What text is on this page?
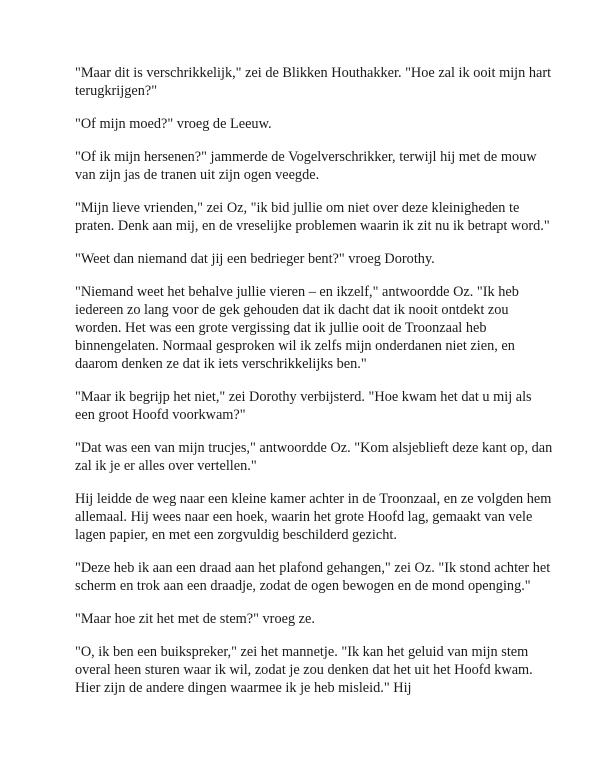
"Maar dit is verschrikkelijk," zei de Blikken Houthakker. "Hoe zal ik ooit mijn hart terugkrijgen?"

"Of mijn moed?" vroeg de Leeuw.

"Of ik mijn hersenen?" jammerde de Vogelverschrikker, terwijl hij met de mouw van zijn jas de tranen uit zijn ogen veegde.

"Mijn lieve vrienden," zei Oz, "ik bid jullie om niet over deze kleinigheden te praten. Denk aan mij, en de vreselijke problemen waarin ik zit nu ik betrapt word."

"Weet dan niemand dat jij een bedrieger bent?" vroeg Dorothy.

"Niemand weet het behalve jullie vieren – en ikzelf," antwoordde Oz. "Ik heb iedereen zo lang voor de gek gehouden dat ik dacht dat ik nooit ontdekt zou worden. Het was een grote vergissing dat ik jullie ooit de Troonzaal heb binnengelaten. Normaal gesproken wil ik zelfs mijn onderdanen niet zien, en daarom denken ze dat ik iets verschrikkelijks ben."

"Maar ik begrijp het niet," zei Dorothy verbijsterd. "Hoe kwam het dat u mij als een groot Hoofd voorkwam?"

"Dat was een van mijn trucjes," antwoordde Oz. "Kom alsjeblieft deze kant op, dan zal ik je er alles over vertellen."

Hij leidde de weg naar een kleine kamer achter in de Troonzaal, en ze volgden hem allemaal. Hij wees naar een hoek, waarin het grote Hoofd lag, gemaakt van vele lagen papier, en met een zorgvuldig beschilderd gezicht.

"Deze heb ik aan een draad aan het plafond gehangen," zei Oz. "Ik stond achter het scherm en trok aan een draadje, zodat de ogen bewogen en de mond openging."

"Maar hoe zit het met de stem?" vroeg ze.

"O, ik ben een buikspreker," zei het mannetje. "Ik kan het geluid van mijn stem overal heen sturen waar ik wil, zodat je zou denken dat het uit het Hoofd kwam. Hier zijn de andere dingen waarmee ik je heb misleid." Hij
